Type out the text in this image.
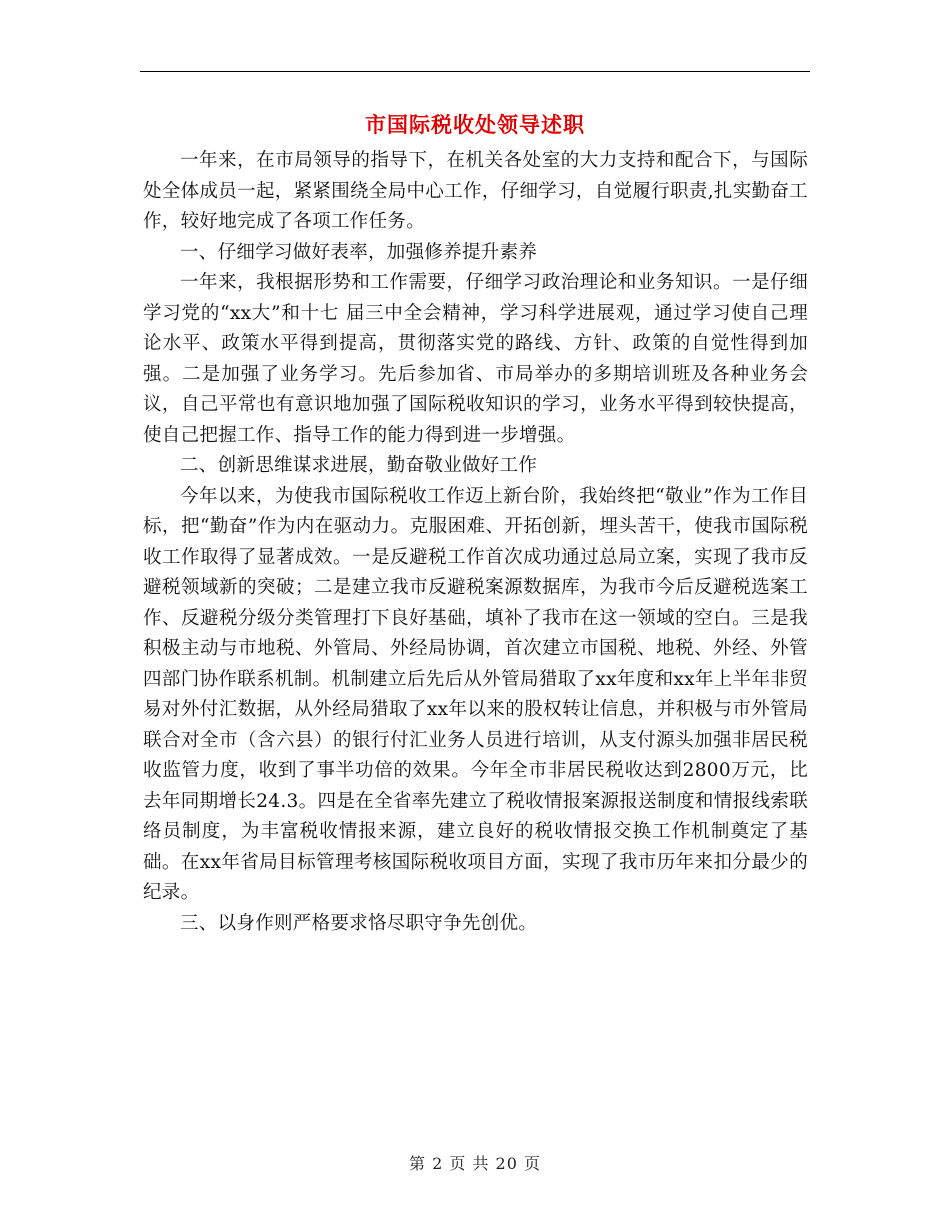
市国际税收处领导述职

一年来，在市局领导的指导下，在机关各处室的大力支持和配合下，与国际处全体成员一起，紧紧围绕全局中心工作，仔细学习，自觉履行职责,扎实勤奋工作，较好地完成了各项工作任务。

一、仔细学习做好表率，加强修养提升素养

一年来，我根据形势和工作需要，仔细学习政治理论和业务知识。一是仔细学习党的“xx大”和十七 届三中全会精神，学习科学进展观，通过学习使自己理论水平、政策水平得到提高，贯彻落实党的路线、方针、政策的自觉性得到加强。二是加强了业务学习。先后参加省、市局举办的多期培训班及各种业务会议，自己平常也有意识地加强了国际税收知识的学习，业务水平得到较快提高，使自己把握工作、指导工作的能力得到进一步增强。

二、创新思维谋求进展，勤奋敬业做好工作

今年以来，为使我市国际税收工作迈上新台阶，我始终把“敬业”作为工作目标，把“勤奋”作为内在驱动力。克服困难、开拓创新，埋头苦干，使我市国际税收工作取得了显著成效。一是反避税工作首次成功通过总局立案，实现了我市反避税领域新的突破；二是建立我市反避税案源数据库，为我市今后反避税选案工作、反避税分级分类管理打下良好基础，填补了我市在这一领域的空白。三是我积极主动与市地税、外管局、外经局协调，首次建立市国税、地税、外经、外管四部门协作联系机制。机制建立后先后从外管局猎取了xx年度和xx年上半年非贸易对外付汇数据，从外经局猎取了xx年以来的股权转让信息，并积极与市外管局联合对全市（含六县）的银行付汇业务人员进行培训，从支付源头加强非居民税收监管力度，收到了事半功倍的效果。今年全市非居民税收达到2800万元，比去年同期增长24.3。四是在全省率先建立了税收情报案源报送制度和情报线索联络员制度，为丰富税收情报来源，建立良好的税收情报交换工作机制奠定了基础。在xx年省局目标管理考核国际税收项目方面，实现了我市历年来扣分最少的纪录。

三、以身作则严格要求恪尽职守争先创优。

第 2 页 共 20 页
